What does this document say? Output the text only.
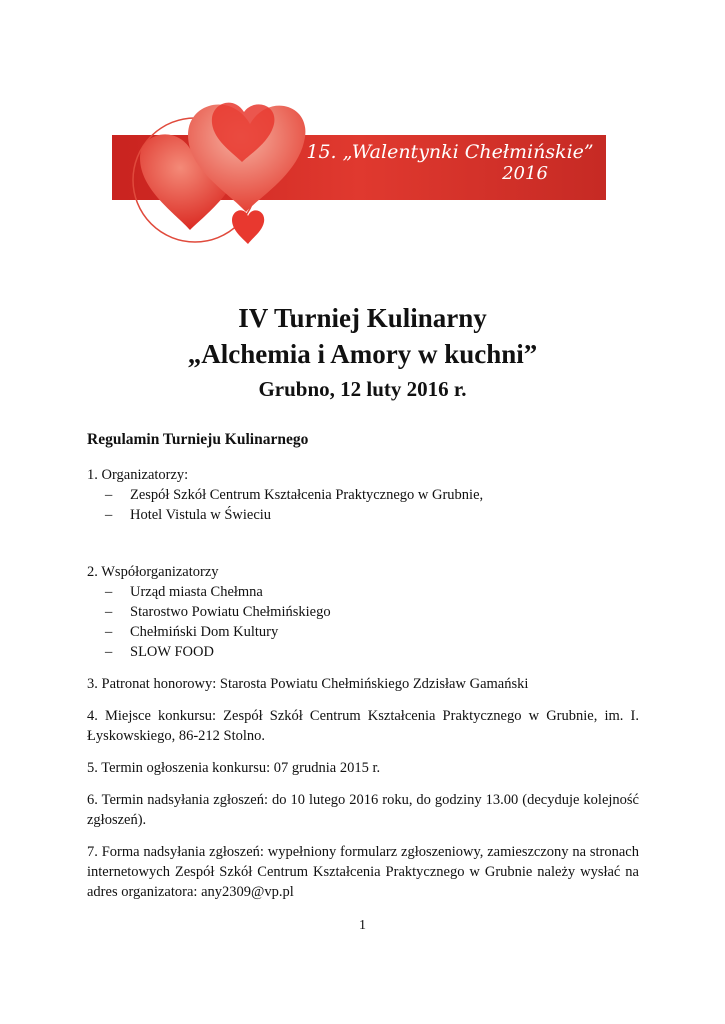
15. „Walentynki Chełmińskie”
2016
IV Turniej Kulinarny
„Alchemia i Amory w kuchni”
Grubno, 12 luty 2016 r.

Regulamin Turnieju Kulinarnego

1. Organizatorzy:

– Zespół Szkół Centrum Kształcenia Praktycznego w Grubnie,
– Hotel Vistula w Świeciu

2. Współorganizatorzy

– Urząd miasta Chełmna
– Starostwo Powiatu Chełmińskiego
– Chełmiński Dom Kultury
– SLOW FOOD

3. Patronat honorowy: Starosta Powiatu Chełmińskiego Zdzisław Gamański

4. Miejsce konkursu: Zespół Szkół Centrum Kształcenia Praktycznego w Grubnie, im. I. Łyskowskiego, 86-212 Stolno.

5. Termin ogłoszenia konkursu: 07 grudnia 2015 r.

6. Termin nadsyłania zgłoszeń: do 10 lutego 2016 roku, do godziny 13.00 (decyduje kolejność zgłoszeń).

7. Forma nadsyłania zgłoszeń: wypełniony formularz zgłoszeniowy, zamieszczony na stronach internetowych Zespół Szkół Centrum Kształcenia Praktycznego w Grubnie należy wysłać na adres organizatora: any2309@vp.pl

1
